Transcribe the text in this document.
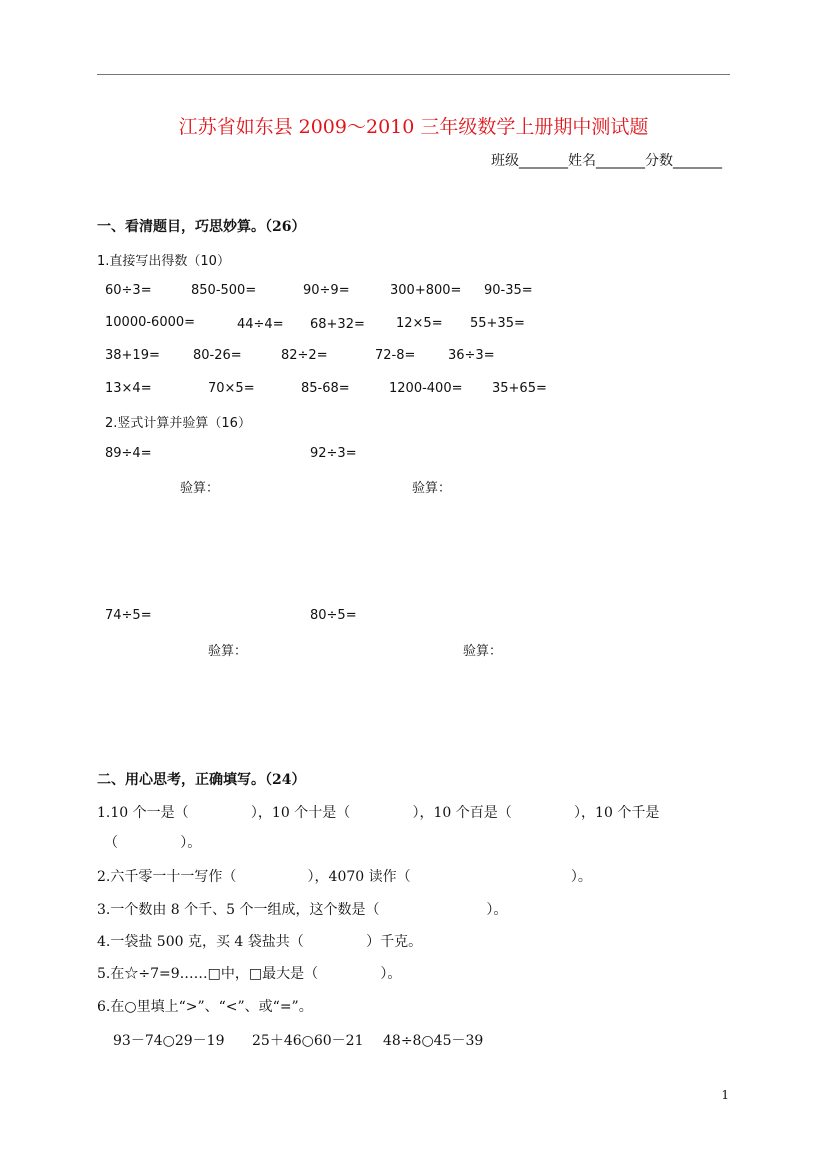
江苏省如东县 2009～2010 三年级数学上册期中测试题
班级_______姓名_______分数_______
一、看清题目，巧思妙算。（26）
1.直接写出得数（10）
60÷3=	850-500=	90÷9=	300+800= 90-35=
10000-6000=	44÷4= 68+32= 12×5= 55+35=
38+19=	80-26=	82÷2=	72-8=	36÷3=
13×4=	70×5=	85-68=	1200-400= 35+65=
2.竖式计算并验算（16）
89÷4=	92÷3=
验算：	验算：
74÷5=	80÷5=
验算：	验算：
二、用心思考，正确填写。（24）
1.10 个一是（              ），10 个十是（              ），10 个百是（              ），10 个千是
（              ）。
2.六千零一十一写作（                ），4070 读作（                                    ）。
3.一个数由 8 个千、5 个一组成，这个数是（                        ）。
4.一袋盐 500 克，买 4 袋盐共（              ）千克。
5.在☆÷7=9……□中，□最大是（              ）。
6.在○里填上“>”、“<”、或“=”。
93－74○29－19 25＋46○60－21 48÷8○45－39
1
